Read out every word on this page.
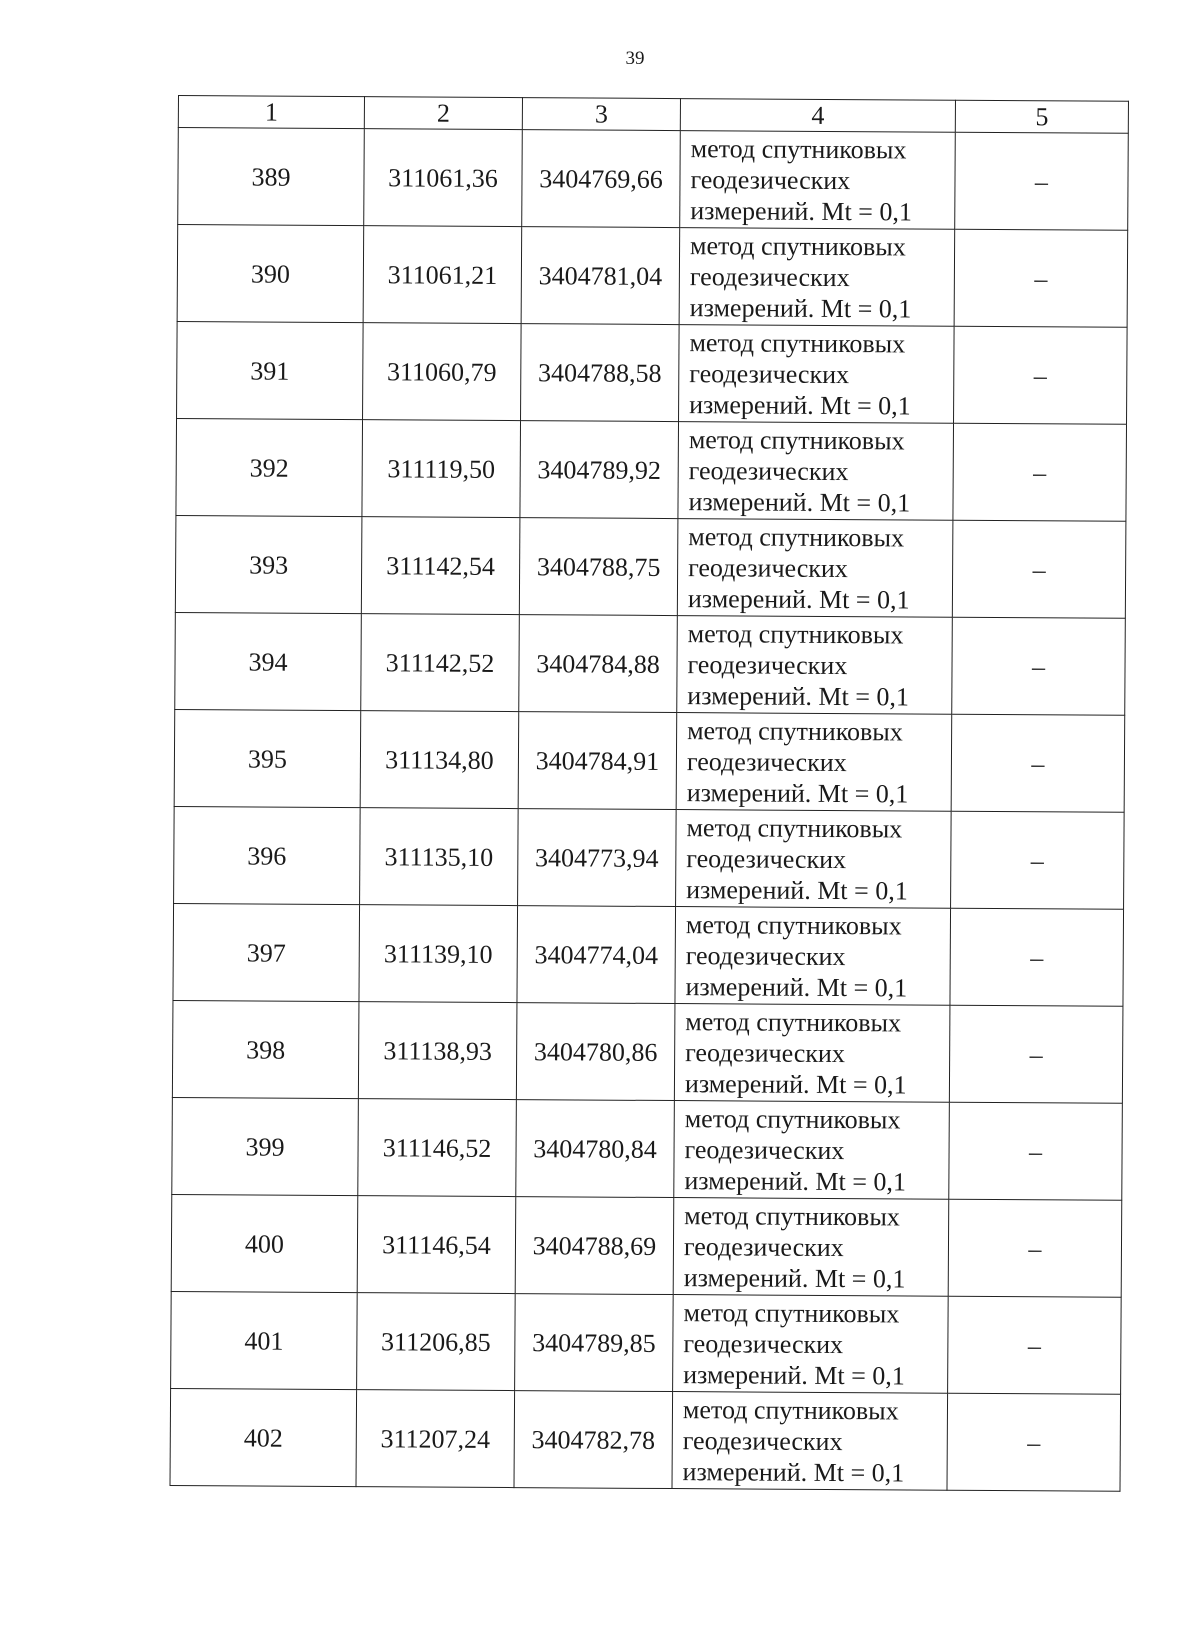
39
1	2	3	4	5
389	311061,36	3404769,66	метод спутниковых
геодезических
измерений. Mt = 0,1	–
390	311061,21	3404781,04	метод спутниковых
геодезических
измерений. Mt = 0,1	–
391	311060,79	3404788,58	метод спутниковых
геодезических
измерений. Mt = 0,1	–
392	311119,50	3404789,92	метод спутниковых
геодезических
измерений. Mt = 0,1	–
393	311142,54	3404788,75	метод спутниковых
геодезических
измерений. Mt = 0,1	–
394	311142,52	3404784,88	метод спутниковых
геодезических
измерений. Mt = 0,1	–
395	311134,80	3404784,91	метод спутниковых
геодезических
измерений. Mt = 0,1	–
396	311135,10	3404773,94	метод спутниковых
геодезических
измерений. Mt = 0,1	–
397	311139,10	3404774,04	метод спутниковых
геодезических
измерений. Mt = 0,1	–
398	311138,93	3404780,86	метод спутниковых
геодезических
измерений. Mt = 0,1	–
399	311146,52	3404780,84	метод спутниковых
геодезических
измерений. Mt = 0,1	–
400	311146,54	3404788,69	метод спутниковых
геодезических
измерений. Mt = 0,1	–
401	311206,85	3404789,85	метод спутниковых
геодезических
измерений. Mt = 0,1	–
402	311207,24	3404782,78	метод спутниковых
геодезических
измерений. Mt = 0,1	–
